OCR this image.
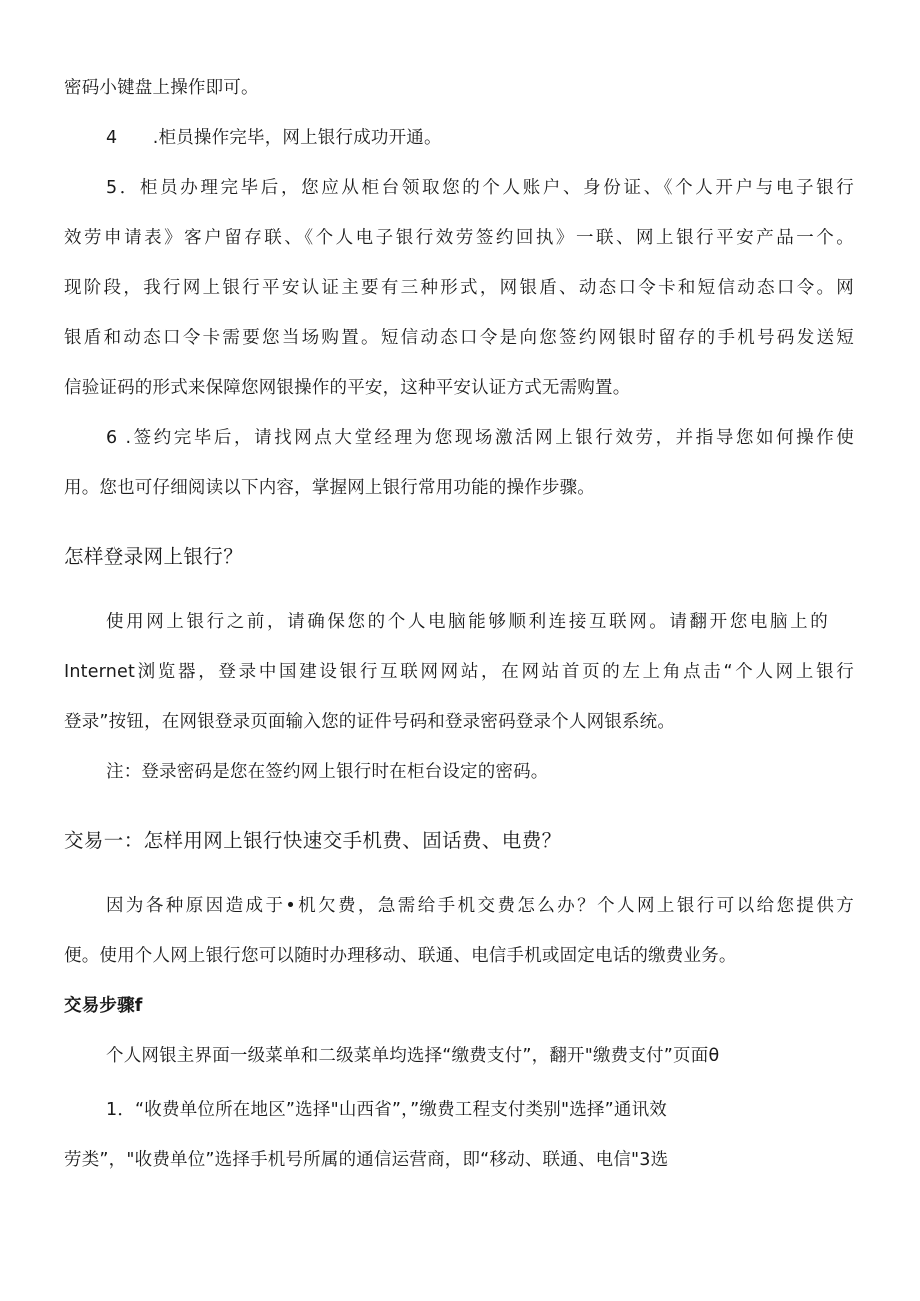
密码小键盘上操作即可。
4　　.柜员操作完毕，网上银行成功开通。
5．柜员办理完毕后，您应从柜台领取您的个人账户、身份证、《个人开户与电子银行
效劳申请表》客户留存联、《个人电子银行效劳签约回执》一联、网上银行平安产品一个。
现阶段，我行网上银行平安认证主要有三种形式，网银盾、动态口令卡和短信动态口令。网
银盾和动态口令卡需要您当场购置。短信动态口令是向您签约网银时留存的手机号码发送短
信验证码的形式来保障您网银操作的平安，这种平安认证方式无需购置。
6 .签约完毕后，请找网点大堂经理为您现场激活网上银行效劳，并指导您如何操作使
用。您也可仔细阅读以下内容，掌握网上银行常用功能的操作步骤。
怎样登录网上银行？
使用网上银行之前，请确保您的个人电脑能够顺利连接互联网。请翻开您电脑上的
Internet浏览器，登录中国建设银行互联网网站，在网站首页的左上角点击“个人网上银行
登录”按钮，在网银登录页面输入您的证件号码和登录密码登录个人网银系统。
注：登录密码是您在签约网上银行时在柜台设定的密码。
交易一：怎样用网上银行快速交手机费、固话费、电费？
因为各种原因造成于•机欠费，急需给手机交费怎么办？个人网上银行可以给您提供方
便。使用个人网上银行您可以随时办理移动、联通、电信手机或固定电话的缴费业务。
交易步骤f
个人网银主界面一级菜单和二级菜单均选择“缴费支付”，翻开"缴费支付”页面θ
1．“收费单位所在地区”选择"山西省”，”缴费工程支付类别"选择”通讯效
劳类”，"收费单位”选择手机号所属的通信运营商，即“移动、联通、电信"3选
